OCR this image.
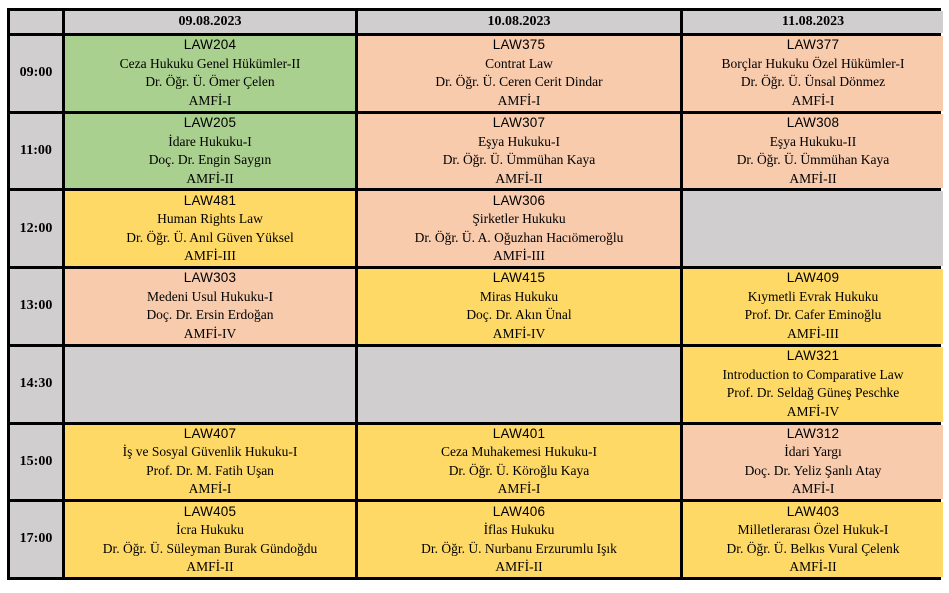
09.08.2023	10.08.2023	11.08.2023
09:00
LAW204
Ceza Hukuku Genel Hükümler-II
Dr. Öğr. Ü. Ömer Çelen
AMFİ-I
LAW375
Contrat Law
Dr. Öğr. Ü. Ceren Cerit Dindar
AMFİ-I
LAW377
Borçlar Hukuku Özel Hükümler-I
Dr. Öğr. Ü. Ünsal Dönmez
AMFİ-I
11:00
LAW205
İdare Hukuku-I
Doç. Dr. Engin Saygın
AMFİ-II
LAW307
Eşya Hukuku-I
Dr. Öğr. Ü. Ümmühan Kaya
AMFİ-II
LAW308
Eşya Hukuku-II
Dr. Öğr. Ü. Ümmühan Kaya
AMFİ-II
12:00
LAW481
Human Rights Law
Dr. Öğr. Ü. Anıl Güven Yüksel
AMFİ-III
LAW306
Şirketler Hukuku
Dr. Öğr. Ü. A. Oğuzhan Hacıömeroğlu
AMFİ-III
13:00
LAW303
Medeni Usul Hukuku-I
Doç. Dr. Ersin Erdoğan
AMFİ-IV
LAW415
Miras Hukuku
Doç. Dr. Akın Ünal
AMFİ-IV
LAW409
Kıymetli Evrak Hukuku
Prof. Dr. Cafer Eminoğlu
AMFİ-III
14:30
LAW321
Introduction to Comparative Law
Prof. Dr. Seldağ Güneş Peschke
AMFİ-IV
15:00
LAW407
İş ve Sosyal Güvenlik Hukuku-I
Prof. Dr. M. Fatih Uşan
AMFİ-I
LAW401
Ceza Muhakemesi Hukuku-I
Dr. Öğr. Ü. Köroğlu Kaya
AMFİ-I
LAW312
İdari Yargı
Doç. Dr. Yeliz Şanlı Atay
AMFİ-I
17:00
LAW405
İcra Hukuku
Dr. Öğr. Ü. Süleyman Burak Gündoğdu
AMFİ-II
LAW406
İflas Hukuku
Dr. Öğr. Ü. Nurbanu Erzurumlu Işık
AMFİ-II
LAW403
Milletlerarası Özel Hukuk-I
Dr. Öğr. Ü. Belkıs Vural Çelenk
AMFİ-II
